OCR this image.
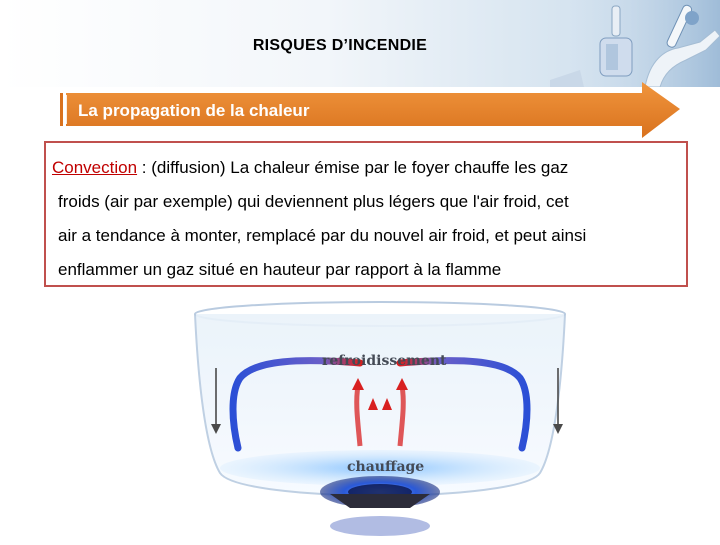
RISQUES D’INCENDIE
La propagation de la chaleur
Convection : (diffusion) La chaleur émise par le foyer chauffe les gaz
froids (air par exemple) qui deviennent plus légers que l'air froid, cet
air a tendance à monter, remplacé par du nouvel air froid, et peut ainsi
enflammer un gaz situé en hauteur par rapport à la flamme
refroidissement
chauffage
